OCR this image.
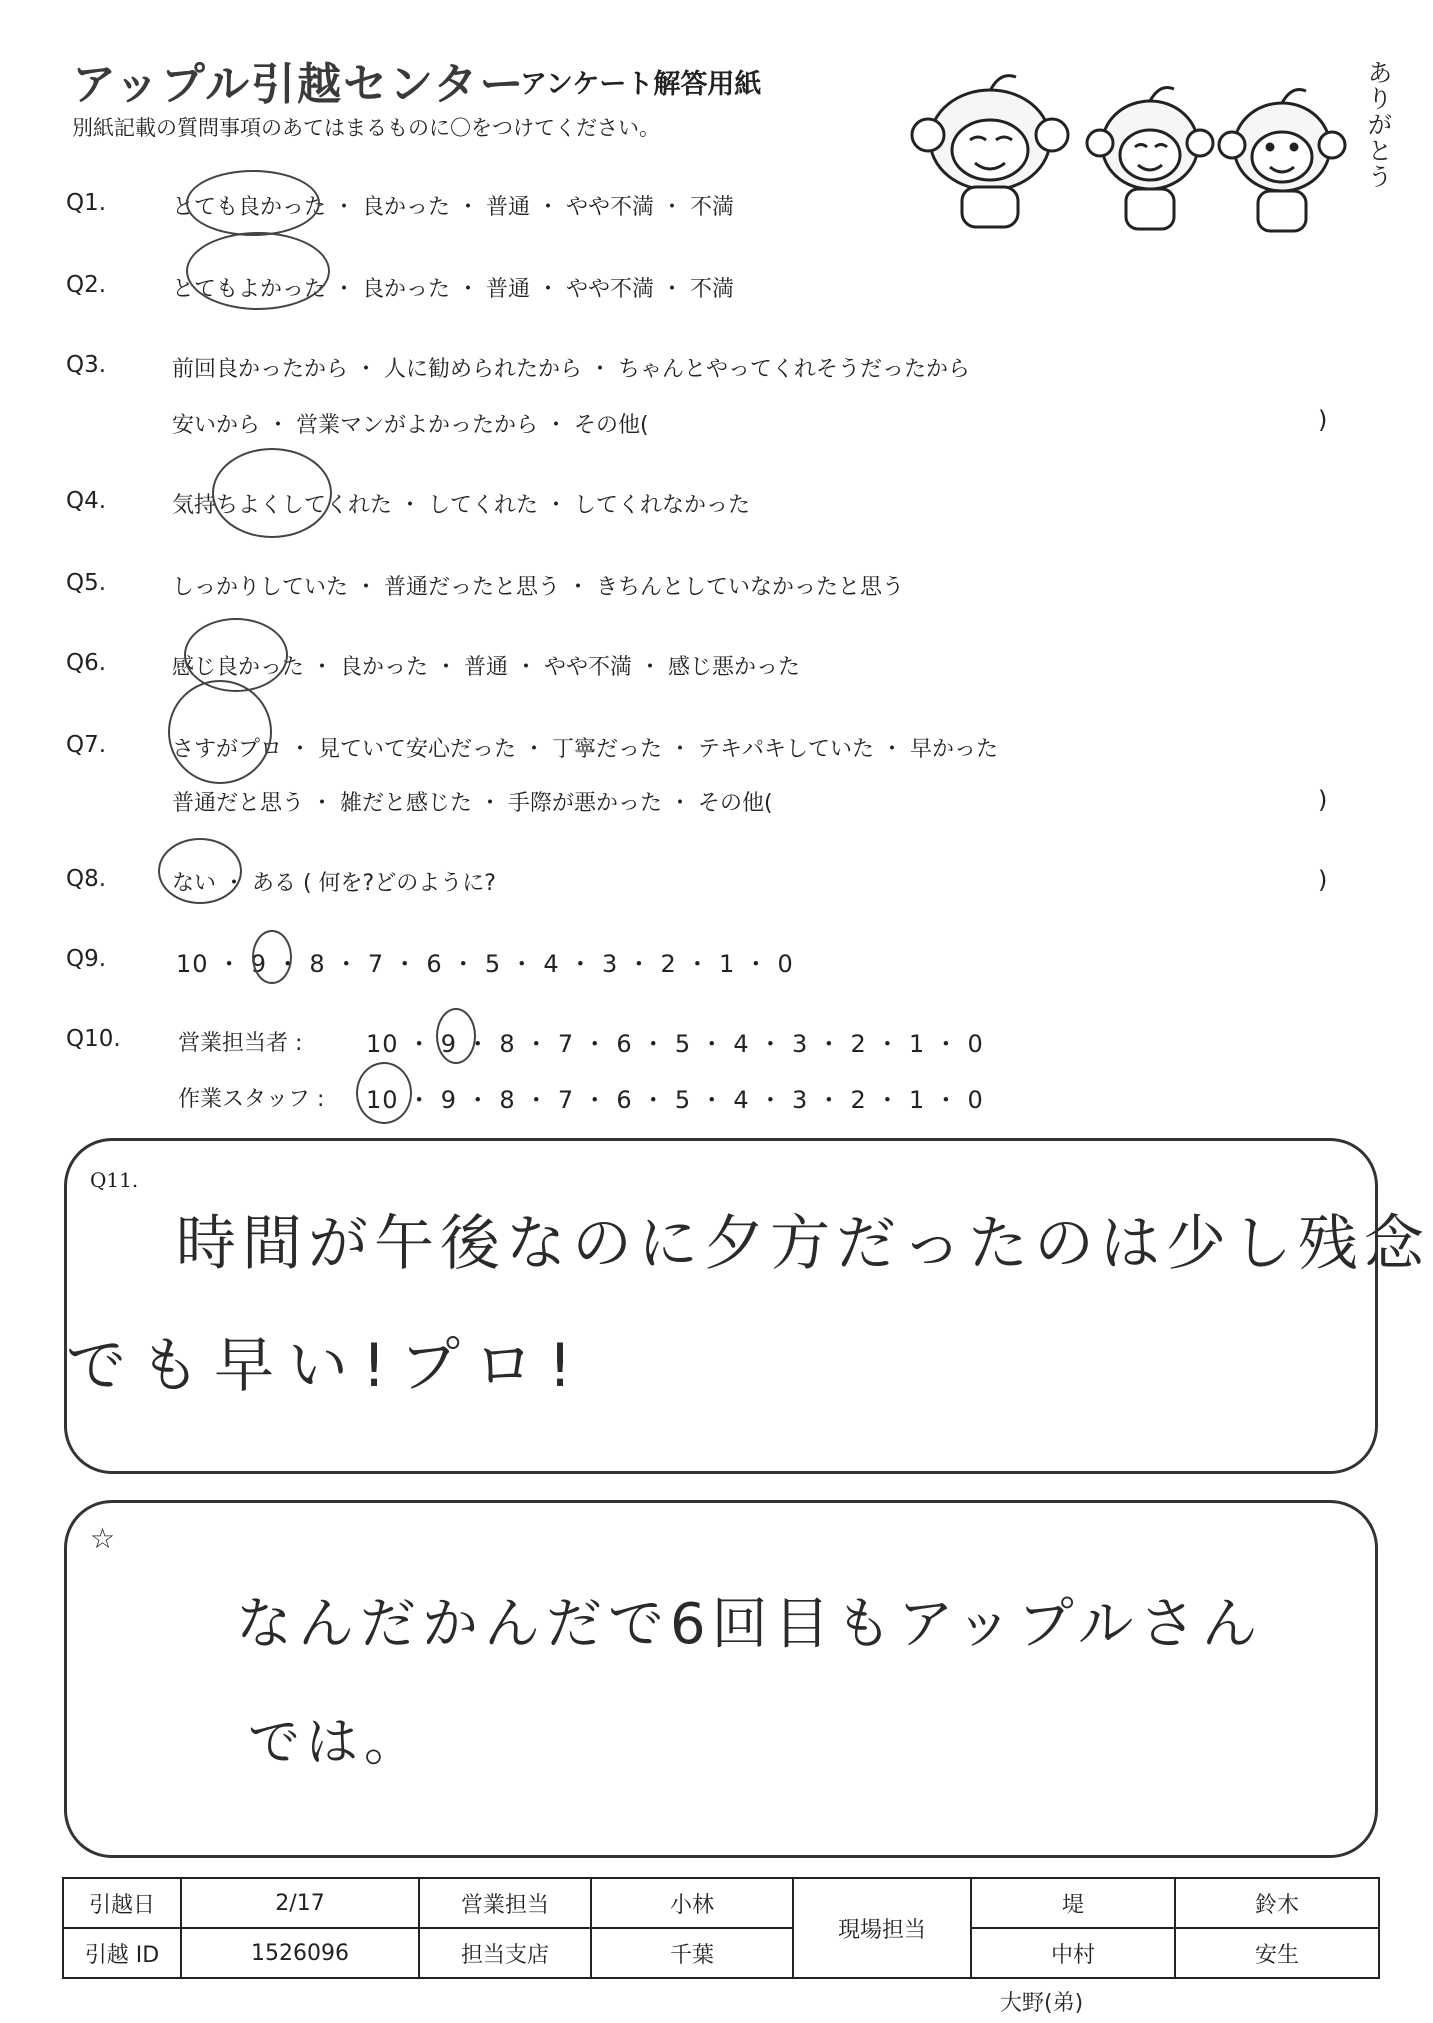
アップル引越センター
アンケート解答用紙
別紙記載の質問事項のあてはまるものに〇をつけてください。
ありがとう
Q1.	とても良かった ・ 良かった ・ 普通 ・ やや不満 ・ 不満
Q2.	とてもよかった ・ 良かった ・ 普通 ・ やや不満 ・ 不満
Q3.	前回良かったから ・ 人に勧められたから ・ ちゃんとやってくれそうだったから
安いから ・ 営業マンがよかったから ・ その他(	)
Q4.	気持ちよくしてくれた ・ してくれた ・ してくれなかった
Q5.	しっかりしていた ・ 普通だったと思う ・ きちんとしていなかったと思う
Q6.	感じ良かった ・ 良かった ・ 普通 ・ やや不満 ・ 感じ悪かった
Q7.	さすがプロ ・ 見ていて安心だった ・ 丁寧だった ・ テキパキしていた ・ 早かった
普通だと思う ・ 雑だと感じた ・ 手際が悪かった ・ その他(	)
Q8.	ない ・ ある ( 何を?どのように?	)
Q9.	10 ・ 9 ・ 8 ・ 7 ・ 6 ・ 5 ・ 4 ・ 3 ・ 2 ・ 1 ・ 0
Q10.	営業担当者 :	10 ・ 9 ・ 8 ・ 7 ・ 6 ・ 5 ・ 4 ・ 3 ・ 2 ・ 1 ・ 0
作業スタッフ : 10 ・ 9 ・ 8 ・ 7 ・ 6 ・ 5 ・ 4 ・ 3 ・ 2 ・ 1 ・ 0
Q11.
時間が午後なのに夕方だったのは少し残念
でも早い!プロ!
☆
なんだかんだで6回目もアップルさん
では。
引越日	2/17	営業担当	小林	現場担当	堤	鈴木
引越 ID	1526096	担当支店	千葉		中村	安生
大野(弟)
